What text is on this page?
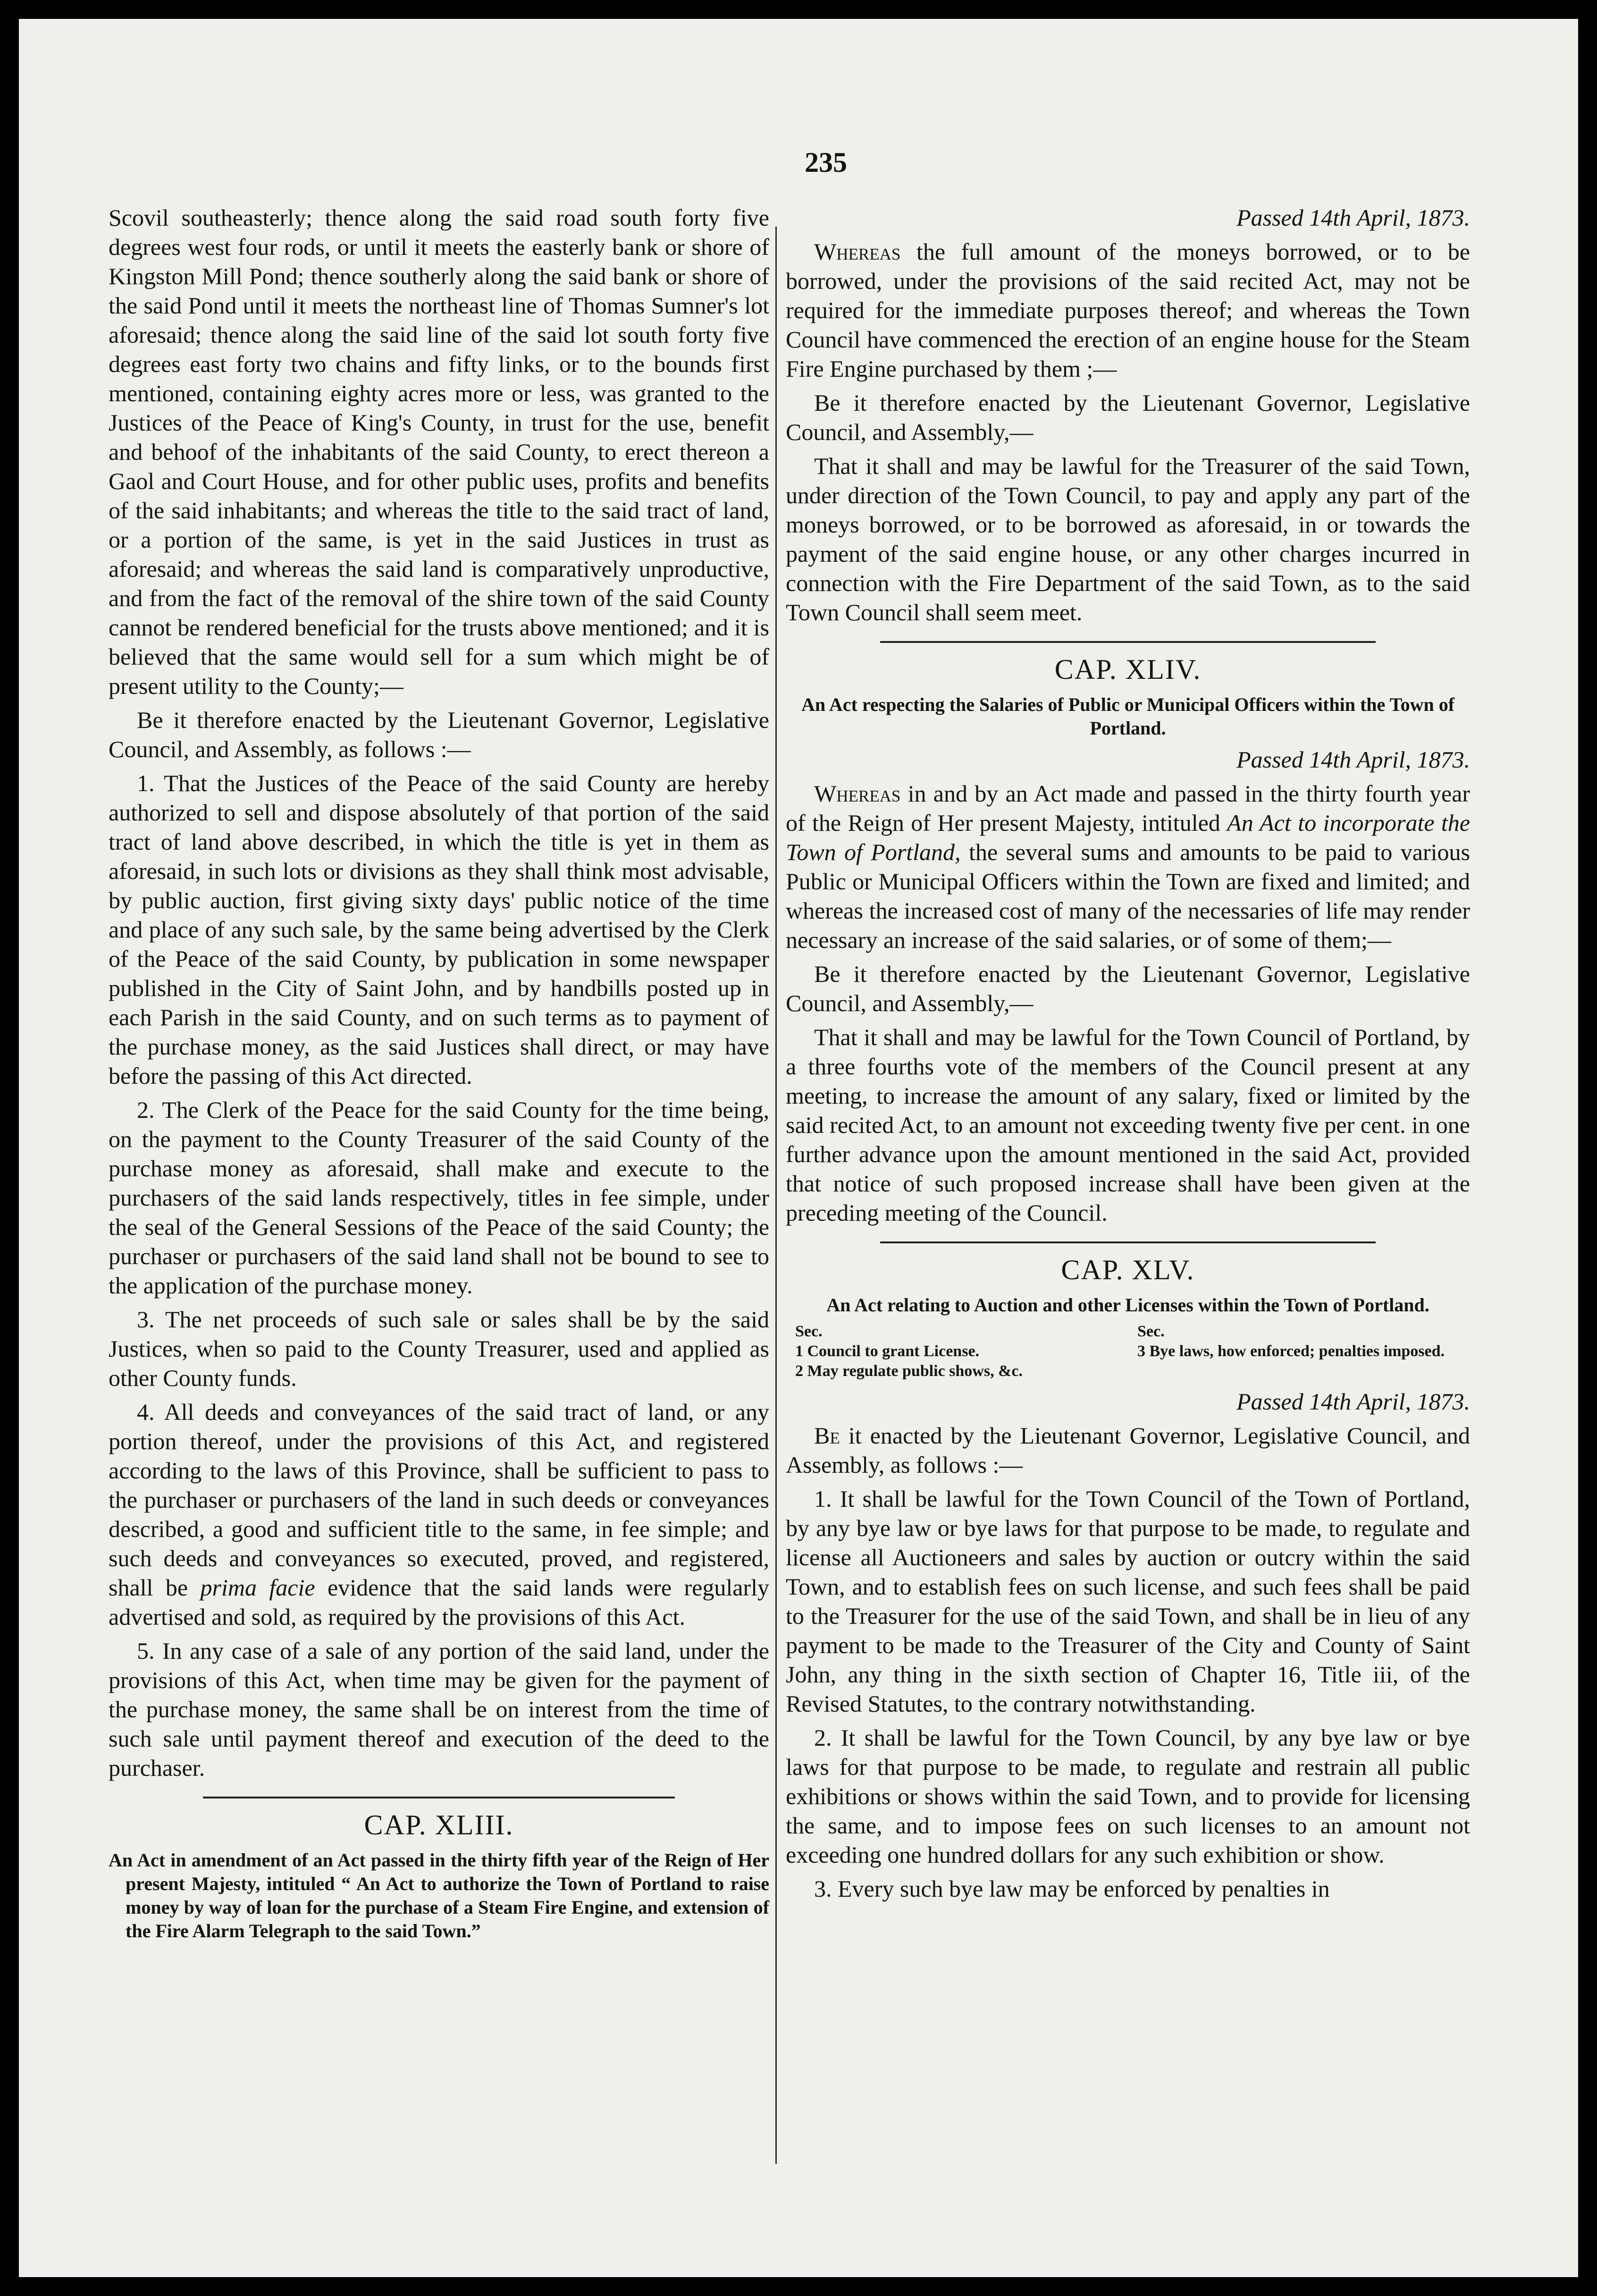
235

Scovil southeasterly; thence along the said road south forty five degrees west four rods, or until it meets the easterly bank or shore of Kingston Mill Pond; thence southerly along the said bank or shore of the said Pond until it meets the northeast line of Thomas Sumner's lot aforesaid; thence along the said line of the said lot south forty five degrees east forty two chains and fifty links, or to the bounds first mentioned, containing eighty acres more or less, was granted to the Justices of the Peace of King's County, in trust for the use, benefit and behoof of the inhabitants of the said County, to erect thereon a Gaol and Court House, and for other public uses, profits and benefits of the said inhabitants; and whereas the title to the said tract of land, or a portion of the same, is yet in the said Justices in trust as aforesaid; and whereas the said land is comparatively unproductive, and from the fact of the removal of the shire town of the said County cannot be rendered beneficial for the trusts above mentioned; and it is believed that the same would sell for a sum which might be of present utility to the County;—

Be it therefore enacted by the Lieutenant Governor, Legislative Council, and Assembly, as follows :—

1. That the Justices of the Peace of the said County are hereby authorized to sell and dispose absolutely of that portion of the said tract of land above described, in which the title is yet in them as aforesaid, in such lots or divisions as they shall think most advisable, by public auction, first giving sixty days' public notice of the time and place of any such sale, by the same being advertised by the Clerk of the Peace of the said County, by publication in some newspaper published in the City of Saint John, and by handbills posted up in each Parish in the said County, and on such terms as to payment of the purchase money, as the said Justices shall direct, or may have before the passing of this Act directed.

2. The Clerk of the Peace for the said County for the time being, on the payment to the County Treasurer of the said County of the purchase money as aforesaid, shall make and execute to the purchasers of the said lands respectively, titles in fee simple, under the seal of the General Sessions of the Peace of the said County; the purchaser or purchasers of the said land shall not be bound to see to the application of the purchase money.

3. The net proceeds of such sale or sales shall be by the said Justices, when so paid to the County Treasurer, used and applied as other County funds.

4. All deeds and conveyances of the said tract of land, or any portion thereof, under the provisions of this Act, and registered according to the laws of this Province, shall be sufficient to pass to the purchaser or purchasers of the land in such deeds or conveyances described, a good and sufficient title to the same, in fee simple; and such deeds and conveyances so executed, proved, and registered, shall be prima facie evidence that the said lands were regularly advertised and sold, as required by the provisions of this Act.

5. In any case of a sale of any portion of the said land, under the provisions of this Act, when time may be given for the payment of the purchase money, the same shall be on interest from the time of such sale until payment thereof and execution of the deed to the purchaser.

CAP. XLIII.

An Act in amendment of an Act passed in the thirty fifth year of the Reign of Her present Majesty, intituled “ An Act to authorize the Town of Portland to raise money by way of loan for the purchase of a Steam Fire Engine, and extension of the Fire Alarm Telegraph to the said Town.”

Passed 14th April, 1873.

Whereas the full amount of the moneys borrowed, or to be borrowed, under the provisions of the said recited Act, may not be required for the immediate purposes thereof; and whereas the Town Council have commenced the erection of an engine house for the Steam Fire Engine purchased by them ;—

Be it therefore enacted by the Lieutenant Governor, Legislative Council, and Assembly,—

That it shall and may be lawful for the Treasurer of the said Town, under direction of the Town Council, to pay and apply any part of the moneys borrowed, or to be borrowed as aforesaid, in or towards the payment of the said engine house, or any other charges incurred in connection with the Fire Department of the said Town, as to the said Town Council shall seem meet.

CAP. XLIV.

An Act respecting the Salaries of Public or Municipal Officers within the Town of Portland.

Passed 14th April, 1873.

Whereas in and by an Act made and passed in the thirty fourth year of the Reign of Her present Majesty, intituled An Act to incorporate the Town of Portland, the several sums and amounts to be paid to various Public or Municipal Officers within the Town are fixed and limited; and whereas the increased cost of many of the necessaries of life may render necessary an increase of the said salaries, or of some of them;—

Be it therefore enacted by the Lieutenant Governor, Legislative Council, and Assembly,—

That it shall and may be lawful for the Town Council of Portland, by a three fourths vote of the members of the Council present at any meeting, to increase the amount of any salary, fixed or limited by the said recited Act, to an amount not exceeding twenty five per cent. in one further advance upon the amount mentioned in the said Act, provided that notice of such proposed increase shall have been given at the preceding meeting of the Council.

CAP. XLV.

An Act relating to Auction and other Licenses within the Town of Portland.

Sec.	Sec.
1 Council to grant License.	3 Bye laws, how enforced; penalties imposed.
2 May regulate public shows, &c.

Passed 14th April, 1873.

Be it enacted by the Lieutenant Governor, Legislative Council, and Assembly, as follows :—

1. It shall be lawful for the Town Council of the Town of Portland, by any bye law or bye laws for that purpose to be made, to regulate and license all Auctioneers and sales by auction or outcry within the said Town, and to establish fees on such license, and such fees shall be paid to the Treasurer for the use of the said Town, and shall be in lieu of any payment to be made to the Treasurer of the City and County of Saint John, any thing in the sixth section of Chapter 16, Title iii, of the Revised Statutes, to the contrary notwithstanding.

2. It shall be lawful for the Town Council, by any bye law or bye laws for that purpose to be made, to regulate and restrain all public exhibitions or shows within the said Town, and to provide for licensing the same, and to impose fees on such licenses to an amount not exceeding one hundred dollars for any such exhibition or show.

3. Every such bye law may be enforced by penalties in
